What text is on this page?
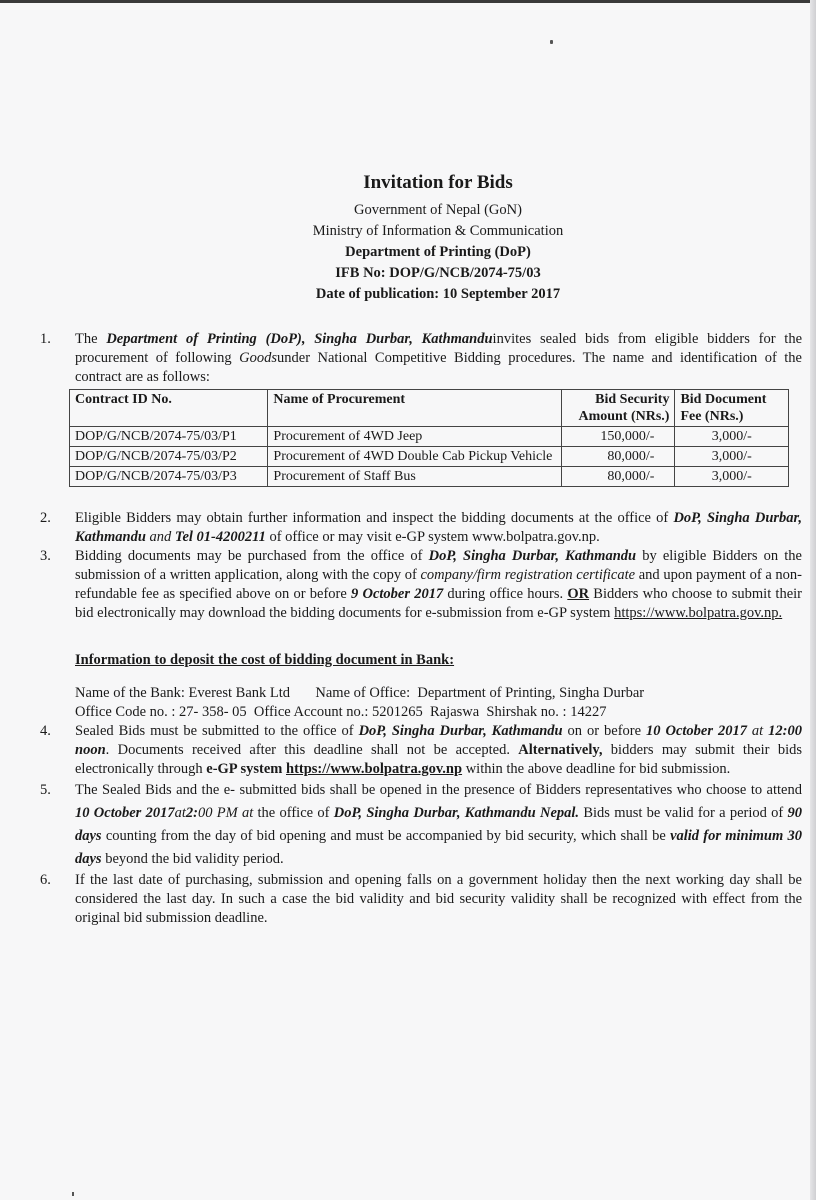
Invitation for Bids
Government of Nepal (GoN)
Ministry of Information & Communication
Department of Printing (DoP)
IFB No: DOP/G/NCB/2074-75/03
Date of publication: 10 September 2017
1. The Department of Printing (DoP), Singha Durbar, Kathmanduinvites sealed bids from eligible bidders for the procurement of following Goodsunder National Competitive Bidding procedures. The name and identification of the contract are as follows:
Contract ID No.	Name of Procurement	Bid Security Amount (NRs.)	Bid Document Fee (NRs.)
DOP/G/NCB/2074-75/03/P1	Procurement of 4WD Jeep	150,000/-	3,000/-
DOP/G/NCB/2074-75/03/P2	Procurement of 4WD Double Cab Pickup Vehicle	80,000/-	3,000/-
DOP/G/NCB/2074-75/03/P3	Procurement of Staff Bus	80,000/-	3,000/-
2. Eligible Bidders may obtain further information and inspect the bidding documents at the office of DoP, Singha Durbar, Kathmandu and Tel 01-4200211 of office or may visit e-GP system www.bolpatra.gov.np.
3. Bidding documents may be purchased from the office of DoP, Singha Durbar, Kathmandu by eligible Bidders on the submission of a written application, along with the copy of company/firm registration certificate and upon payment of a non-refundable fee as specified above on or before 9 October 2017 during office hours. OR Bidders who choose to submit their bid electronically may download the bidding documents for e-submission from e-GP system https://www.bolpatra.gov.np.
Information to deposit the cost of bidding document in Bank:
Name of the Bank: Everest Bank Ltd       Name of Office:  Department of Printing, Singha Durbar
Office Code no. : 27- 358- 05  Office Account no.: 5201265  Rajaswa  Shirshak no. : 14227
4. Sealed Bids must be submitted to the office of DoP, Singha Durbar, Kathmandu on or before 10 October 2017 at 12:00 noon. Documents received after this deadline shall not be accepted. Alternatively, bidders may submit their bids electronically through e-GP system https://www.bolpatra.gov.np within the above deadline for bid submission.
5. The Sealed Bids and the e- submitted bids shall be opened in the presence of Bidders representatives who choose to attend 10 October 2017at2:00 PM at the office of DoP, Singha Durbar, Kathmandu Nepal. Bids must be valid for a period of 90 days counting from the day of bid opening and must be accompanied by bid security, which shall be valid for minimum 30 days beyond the bid validity period.
6. If the last date of purchasing, submission and opening falls on a government holiday then the next working day shall be considered the last day. In such a case the bid validity and bid security validity shall be recognized with effect from the original bid submission deadline.
